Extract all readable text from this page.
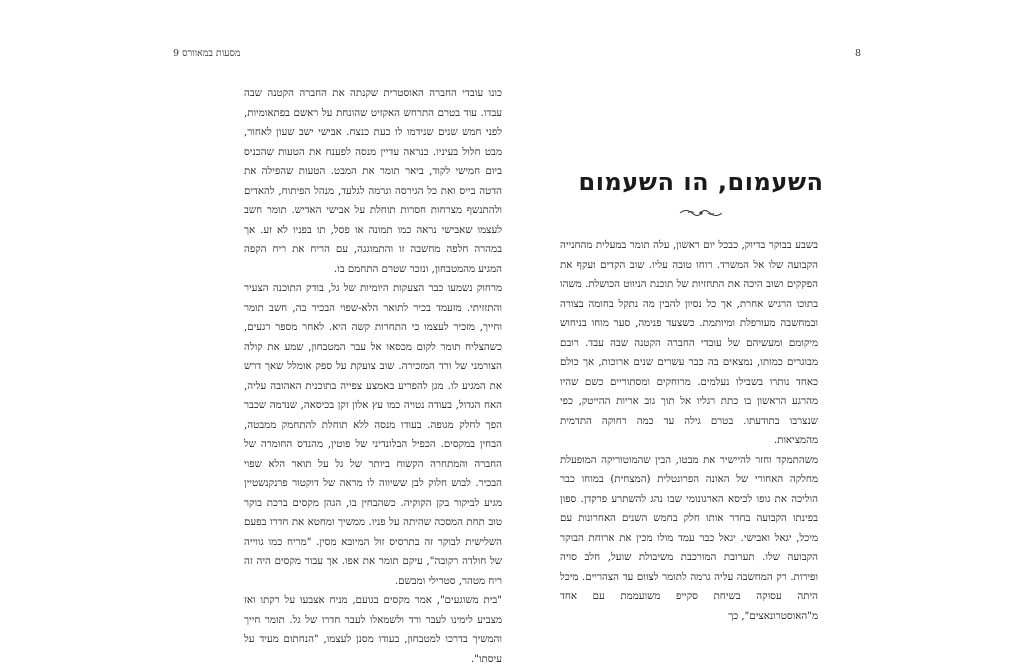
מסעות במאוורס 9

כונו עובדי החברה האוסטרית שקנתה את החברה הקטנה שבה עבדו. עוד בטרם התרחש האקזיט שהונחת על ראשם בפתאומיות, לפני חמש שנים שנידמו לו כעת כנצח. אבישי ישב שעון לאחור, מבט חלול בעיניו. כנראה עדיין מנסה לפענח את הטעות שהכניס ביום חמישי לקוד, ביאר תומר את המבט. הטעות שהפילה את הדטה בייס ואת כל הגירסה וגרמה לגלעד, מנהל הפיתוח, להאדים ולהתנשף מצרחות חסרות תוחלת על אבישי האדיש. תומר חשב לעצמו שאבישי נראה כמו תמונה או פסל, תו בפניו לא זע. אך במהרה חלפה מחשבה זו והתמוגגה, עם הריח את ריח הקפה המגיע מהמטבחון, ונזכר שטרם התחמם בו.

מרחוק נשמעו כבר הצעקות היומיות של גל, בודק התוכנה הצעיר והתזזיתי. מזעמד בכיר לתואר הלא-שפוי הבכיר בה, חשב תומר וחייך, מזכיר לעצמו כי התחרות קשה היא. לאחר מספר רגעים, כשהצליח תומר לקום מכסאו אל עבר המטבחון, שמע את קולה הצורמני של ורד המזכירה. שוב צועקת על ספק אומלל שאך דרש את המגיע לו. מגן להפריע באמצע צפייה בתוכנית האהובה עליה, האח הגדול, בעודה נטויה כמו עץ אלון זקן בכיסאה, שנדמה שכבר הפך לחלק מגופה. בעודו מנסה ללא תוחלת להתחמק ממבטה, הבחין במקסים. הכפיל הבלונדיני של פוטין, מהנדס החומרה של החברה והמתחרה הקשוח ביותר של גל על תואר הלא שפוי הבכיר. לבוש חלוק לבן ששיווה לו מראה של דוקטור פרנקנשטיין מגיע לביקור בקן הקוקיה. כשהבחין בו, הגהן מקסים ברכת בוקר טוב תחת המסכה שהיתה על פניו. ממשיך ומחטא את חדרו בפעם השלישית לבוקר זה בתרסיס זול המיובא מסין. "מריח כמו גווייה של חולדה רקובה", עיקם תומר את אפו. אך עבור מקסים היה זה ריח מטהר, סטרילי ומבשם.

"בית משוגעים", אמר מקסים בגועם, מניח אצבעו על רקתו ואז מצביע לימינו לעבר ורד ולשמאלו לעבר חדרו של גל. תומר חייך והמשיך בדרכו למטבחון, בעודו מסנן לעצמו, "הנחתום מעיד על עיסתו".

8
השעמום, הו השעמום

בשבע בבוקר בדיוק, כבכל יום ראשון, עלה תומר במעלית מהחנייה הקבועה שלו אל המשרד. רוחו טובה עליו. שוב הקדים ועקף את הפקקים ושוב היכה את התחזיות של תוכנת הניווט הכושלת. משהו בתוכו הרגיש אחרת, אך כל נסיון להבין מה נתקל בחומה בצורה ובמחשבה מעורפלת ומיותמת. כשצעד פנימה, סער מוחו בניחוש מיקומם ומעשיהם של עובדי החברה הקטנה שבה עבד. רובם מבוגרים כמותו, נמצאים בה כבר עשרים שנים ארוכות, אך כולם כאחד נותרו בשבילו נעלמים. מרוחקים ומסתוריים כשם שהיו מהרגע הראשון בו כתת רגליו אל תוך גוב אריות ההייטק, כפי שנצרבו בתודעתו. בטרם גילה עד כמה רחוקה התדמית מהמציאות.

משהתמקד וחזר להיישיר את מבטו, הבין שהמוטוריקה המופעלת מחלקה האחורי של האונה הפרונטלית (המצחית) במוחו כבר הוליכה את גופו לכיסא הארגונומי שבו נהג להשתרע פרקדן. ספון בפינתו הקבועה בחדר אותו חלק בחמש השנים האחרונות עם מיכל, יגאל ואבישי. יגאל כבר עמד מולו מכין את ארוחת הבוקר הקבועה שלו. תערובת המורכבת משיבולת שועל, חלב סויה ופירות. רק המחשבה עליה גרמה לתומר לצוום עד הצהריים. מיכל היתה עסוקה בשיחת סקייפ משועממת עם אחד מ"האוסטרונאצים", כך
